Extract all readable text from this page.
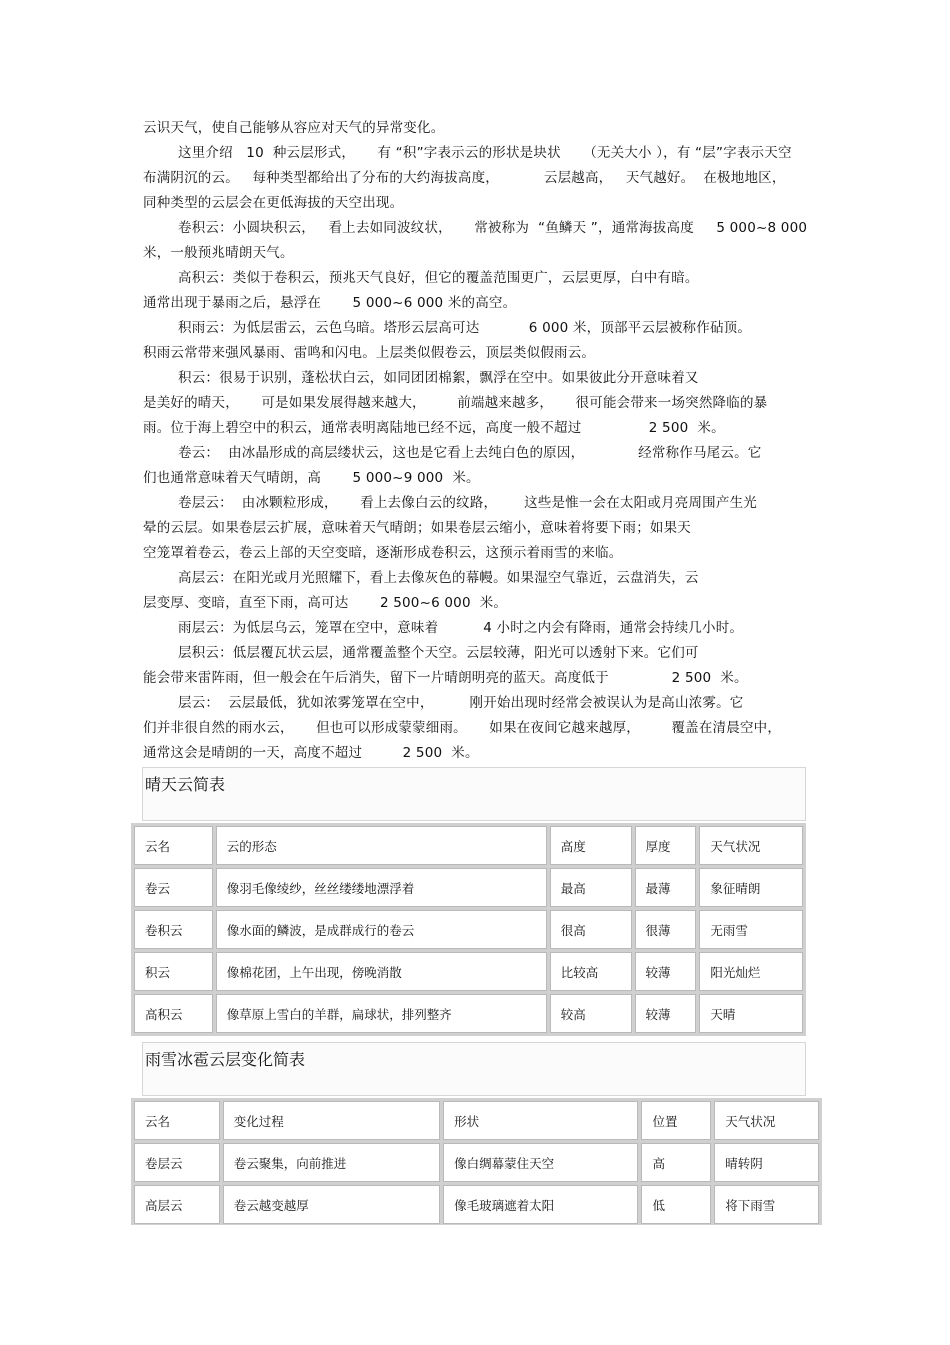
云识天气，使自己能够从容应对天气的异常变化。
这里介绍   10  种云层形式，     有 “积”字表示云的形状是块状     （无关大小 ），有 “层”字表示天空
布满阴沉的云。   每种类型都给出了分布的大约海拔高度，          云层越高，   天气越好。  在极地地区，
同种类型的云层会在更低海拔的天空出现。
卷积云：小圆块积云，   看上去如同波纹状，     常被称为  “鱼鳞天 ”，通常海拔高度     5 000~8 000
米，一般预兆晴朗天气。
高积云：类似于卷积云，预兆天气良好，但它的覆盖范围更广，云层更厚，白中有暗。
通常出现于暴雨之后，悬浮在       5 000~6 000 米的高空。
积雨云：为低层雷云，云色乌暗。塔形云层高可达           6 000 米，顶部平云层被称作砧顶。
积雨云常带来强风暴雨、雷鸣和闪电。上层类似假卷云，顶层类似假雨云。
积云：很易于识别，蓬松状白云，如同团团棉絮，飘浮在空中。如果彼此分开意味着又
是美好的晴天，     可是如果发展得越来越大，       前端越来越多，     很可能会带来一场突然降临的暴
雨。位于海上碧空中的积云，通常表明离陆地已经不远，高度一般不超过               2 500  米。
卷云：  由冰晶形成的高层缕状云，这也是它看上去纯白色的原因，            经常称作马尾云。它
们也通常意味着天气晴朗，高       5 000~9 000  米。
卷层云：  由冰颗粒形成，     看上去像白云的纹路，      这些是惟一会在太阳或月亮周围产生光
晕的云层。如果卷层云扩展，意味着天气晴朗；如果卷层云缩小，意味着将要下雨；如果天
空笼罩着卷云，卷云上部的天空变暗，逐渐形成卷积云，这预示着雨雪的来临。
高层云：在阳光或月光照耀下，看上去像灰色的幕幔。如果湿空气靠近，云盘消失，云
层变厚、变暗，直至下雨，高可达       2 500~6 000  米。
雨层云：为低层乌云，笼罩在空中，意味着          4 小时之内会有降雨，通常会持续几小时。
层积云：低层覆瓦状云层，通常覆盖整个天空。云层较薄，阳光可以透射下来。它们可
能会带来雷阵雨，但一般会在午后消失，留下一片晴朗明亮的蓝天。高度低于              2 500  米。
层云：  云层最低，犹如浓雾笼罩在空中，        刚开始出现时经常会被误认为是高山浓雾。它
们并非很自然的雨水云，     但也可以形成蒙蒙细雨。     如果在夜间它越来越厚，       覆盖在清晨空中，
通常这会是晴朗的一天，高度不超过         2 500  米。
晴天云简表
云名	云的形态	高度	厚度	天气状况
卷云	像羽毛像绫纱，丝丝缕缕地漂浮着	最高	最薄	象征晴朗
卷积云	像水面的鳞波，是成群成行的卷云	很高	很薄	无雨雪
积云	像棉花团，上午出现，傍晚消散	比较高	较薄	阳光灿烂
高积云	像草原上雪白的羊群，扁球状，排列整齐	较高	较薄	天晴
雨雪冰雹云层变化简表
云名	变化过程	形状	位置	天气状况
卷层云	卷云聚集，向前推进	像白绸幕蒙住天空	高	晴转阴
高层云	卷云越变越厚	像毛玻璃遮着太阳	低	将下雨雪
